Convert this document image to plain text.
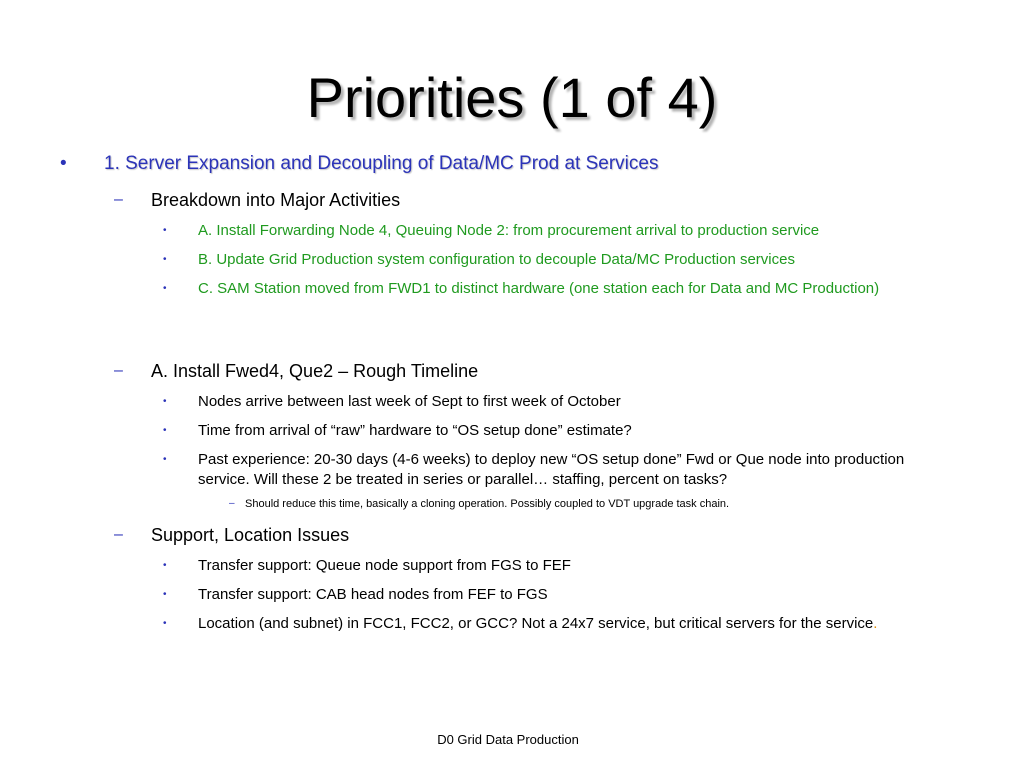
Priorities (1 of 4)
• 1. Server Expansion and Decoupling of Data/MC Prod at Services
– Breakdown into Major Activities
• A. Install Forwarding Node 4, Queuing Node 2: from procurement arrival to production service
• B. Update Grid Production system configuration to decouple Data/MC Production services
• C. SAM Station moved from FWD1 to distinct hardware (one station each for Data and MC Production)
– A. Install Fwed4, Que2 – Rough Timeline
• Nodes arrive between last week of Sept to first week of October
• Time from arrival of “raw” hardware to “OS setup done” estimate?
• Past experience: 20-30 days (4-6 weeks) to deploy new “OS setup done” Fwd or Que node into production service. Will these 2 be treated in series or parallel… staffing, percent on tasks?
– Should reduce this time, basically a cloning operation. Possibly coupled to VDT upgrade task chain.
– Support, Location Issues
• Transfer support: Queue node support from FGS to FEF
• Transfer support: CAB head nodes from FEF to FGS
• Location (and subnet) in FCC1, FCC2, or GCC? Not a 24x7 service, but critical servers for the service.
D0 Grid Data Production
